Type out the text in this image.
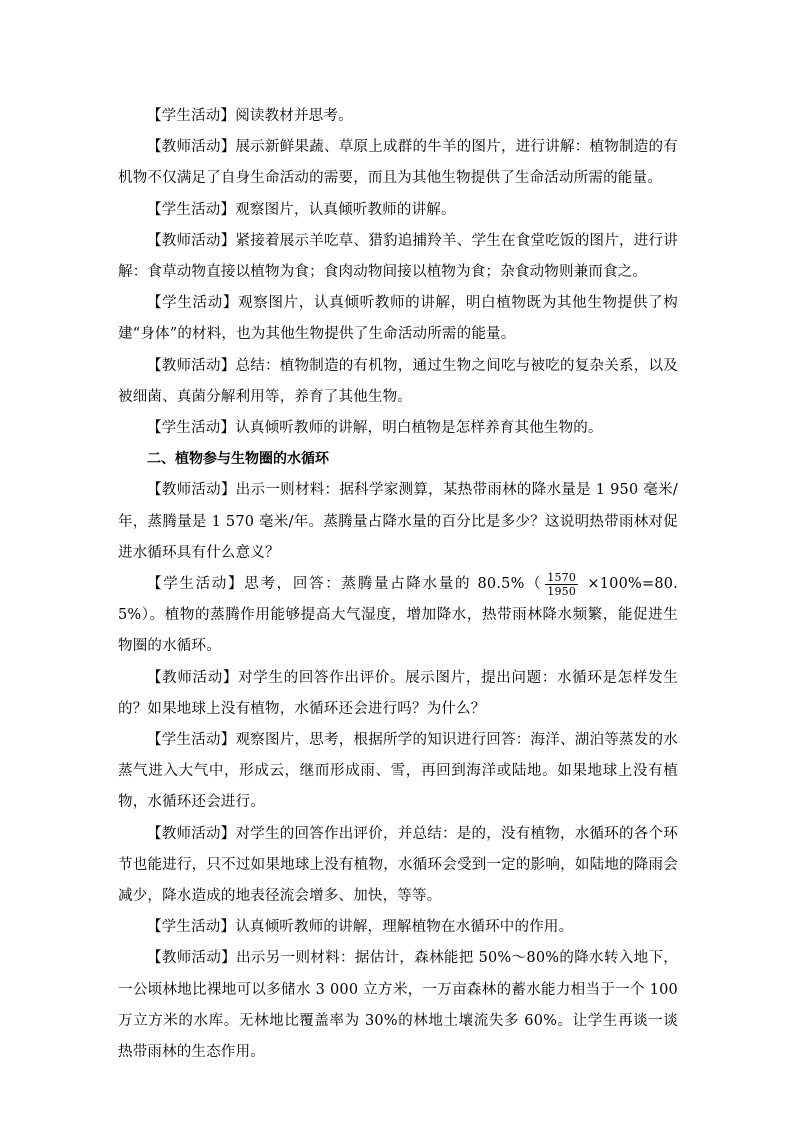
【学生活动】阅读教材并思考。

【教师活动】展示新鲜果蔬、草原上成群的牛羊的图片，进行讲解：植物制造的有机物不仅满足了自身生命活动的需要，而且为其他生物提供了生命活动所需的能量。

【学生活动】观察图片，认真倾听教师的讲解。

【教师活动】紧接着展示羊吃草、猎豹追捕羚羊、学生在食堂吃饭的图片，进行讲解：食草动物直接以植物为食；食肉动物间接以植物为食；杂食动物则兼而食之。

【学生活动】观察图片，认真倾听教师的讲解，明白植物既为其他生物提供了构建“身体”的材料，也为其他生物提供了生命活动所需的能量。

【教师活动】总结：植物制造的有机物，通过生物之间吃与被吃的复杂关系，以及被细菌、真菌分解利用等，养育了其他生物。

【学生活动】认真倾听教师的讲解，明白植物是怎样养育其他生物的。

二、植物参与生物圈的水循环

【教师活动】出示一则材料：据科学家测算，某热带雨林的降水量是 1 950 毫米/年，蒸腾量是 1 570 毫米/年。蒸腾量占降水量的百分比是多少？这说明热带雨林对促进水循环具有什么意义？

【学生活动】思考，回答：蒸腾量占降水量的 $80.5\%( \frac{1570}{1950} \times 100\%=80.5\%)$。植物的蒸腾作用能够提高大气湿度，增加降水，热带雨林降水频繁，能促进生物圈的水循环。

【教师活动】对学生的回答作出评价。展示图片，提出问题：水循环是怎样发生的？如果地球上没有植物，水循环还会进行吗？为什么？

【学生活动】观察图片，思考，根据所学的知识进行回答：海洋、湖泊等蒸发的水蒸气进入大气中，形成云，继而形成雨、雪，再回到海洋或陆地。如果地球上没有植物，水循环还会进行。

【教师活动】对学生的回答作出评价，并总结：是的，没有植物，水循环的各个环节也能进行，只不过如果地球上没有植物，水循环会受到一定的影响，如陆地的降雨会减少，降水造成的地表径流会增多、加快，等等。

【学生活动】认真倾听教师的讲解，理解植物在水循环中的作用。

【教师活动】出示另一则材料：据估计，森林能把 50%～80%的降水转入地下，一公顷林地比裸地可以多储水 3 000 立方米，一万亩森林的蓄水能力相当于一个 100 万立方米的水库。无林地比覆盖率为 30%的林地土壤流失多 60%。让学生再谈一谈热带雨林的生态作用。
